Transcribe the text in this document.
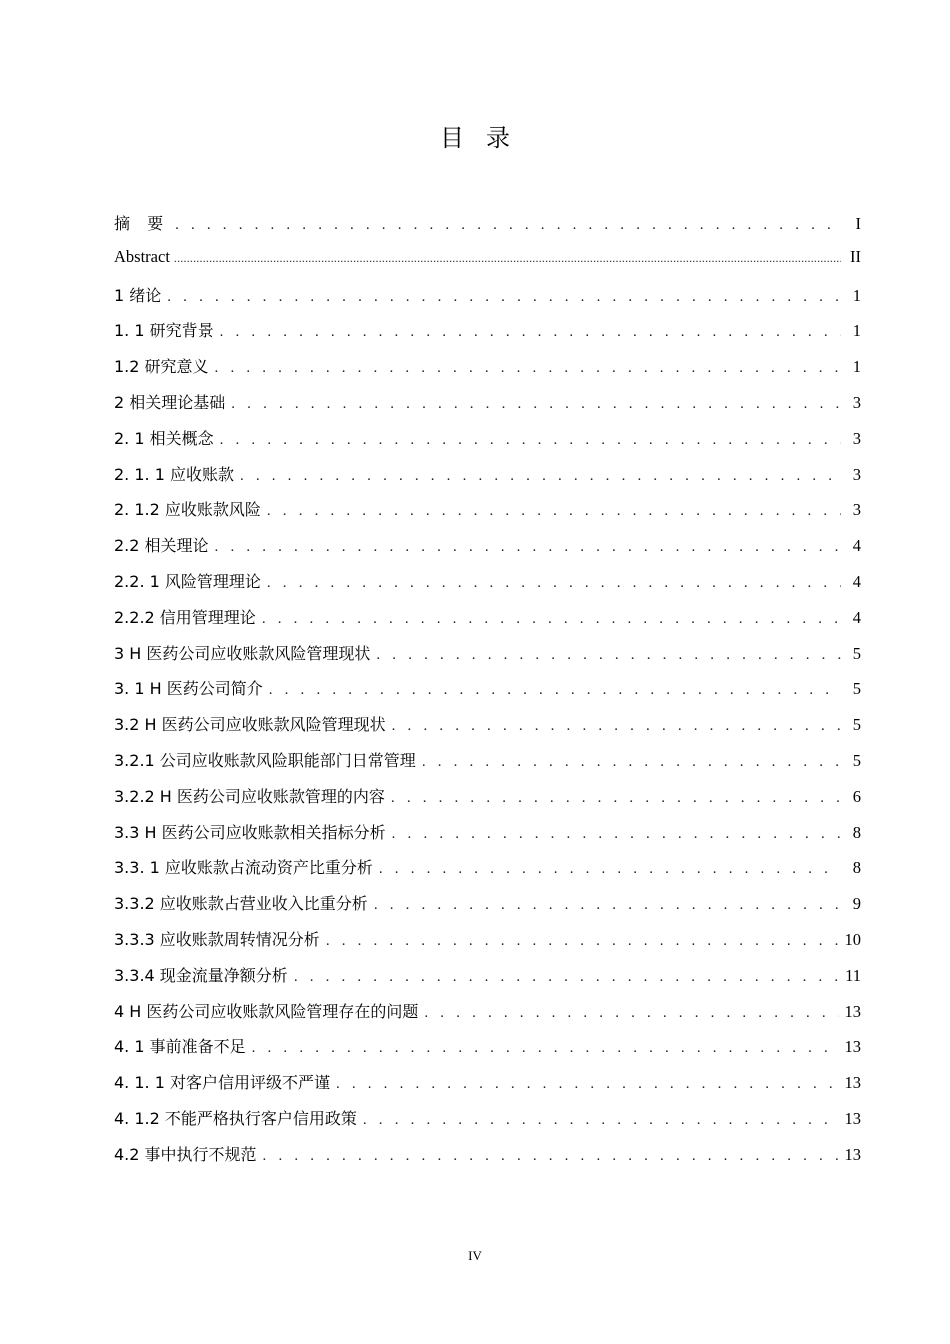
目录
摘 要 . . .	I
Abstract .....	II
1 绪论 . . .	1
1. 1 研究背景 . . .	1
1.2 研究意义 . . .	1
2 相关理论基础 . . .	3
2. 1 相关概念 . . .	3
2. 1. 1 应收账款 . . .	3
2. 1.2 应收账款风险 . . .	3
2.2 相关理论 . . .	4
2.2. 1 风险管理理论 . . .	4
2.2.2 信用管理理论 . . .	4
3 H 医药公司应收账款风险管理现状 . . .	5
3. 1 H 医药公司简介 . . .	5
3.2 H 医药公司应收账款风险管理现状 . . .	5
3.2.1 公司应收账款风险职能部门日常管理 . . .	5
3.2.2 H 医药公司应收账款管理的内容 . . .	6
3.3 H 医药公司应收账款相关指标分析 . . .	8
3.3. 1 应收账款占流动资产比重分析 . . .	8
3.3.2 应收账款占营业收入比重分析 . . .	9
3.3.3 应收账款周转情况分析 . . .	10
3.3.4 现金流量净额分析 . . .	11
4 H 医药公司应收账款风险管理存在的问题 . . .	13
4. 1 事前准备不足 . . .	13
4. 1. 1 对客户信用评级不严谨 . . .	13
4. 1.2 不能严格执行客户信用政策 . . .	13
4.2 事中执行不规范 . . .	13
IV
